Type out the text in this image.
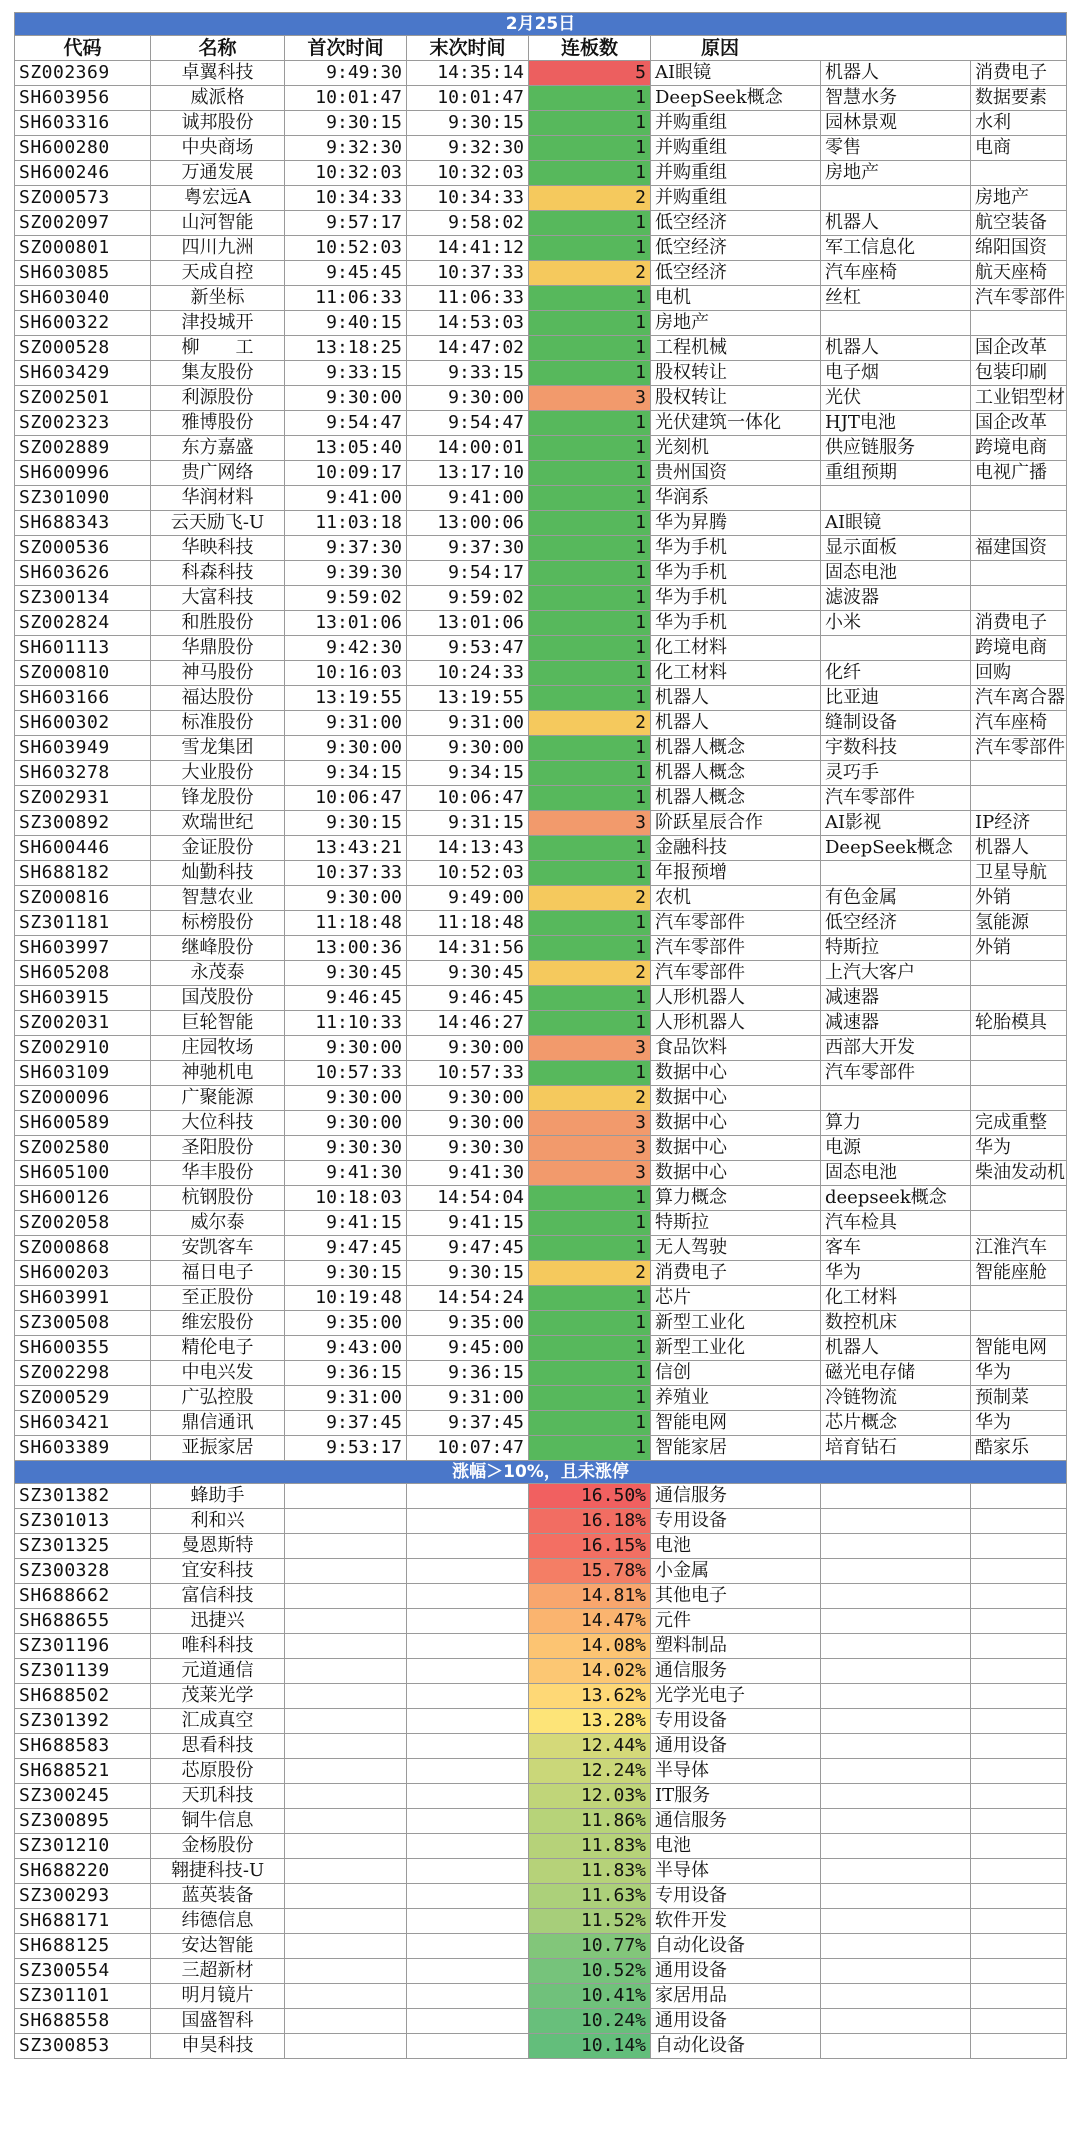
2月25日							
代码	名称	首次时间	末次时间	连板数	原因		
SZ002369	卓翼科技	9:49:30	14:35:14	5	AI眼镜	机器人	消费电子
SH603956	威派格	10:01:47	10:01:47	1	DeepSeek概念	智慧水务	数据要素
SH603316	诚邦股份	9:30:15	9:30:15	1	并购重组	园林景观	水利
SH600280	中央商场	9:32:30	9:32:30	1	并购重组	零售	电商
SH600246	万通发展	10:32:03	10:32:03	1	并购重组	房地产	
SZ000573	粤宏远A	10:34:33	10:34:33	2	并购重组		房地产
SZ002097	山河智能	9:57:17	9:58:02	1	低空经济	机器人	航空装备
SZ000801	四川九洲	10:52:03	14:41:12	1	低空经济	军工信息化	绵阳国资
SH603085	天成自控	9:45:45	10:37:33	2	低空经济	汽车座椅	航天座椅
SH603040	新坐标	11:06:33	11:06:33	1	电机	丝杠	汽车零部件
SH600322	津投城开	9:40:15	14:53:03	1	房地产		
SZ000528	柳　　工	13:18:25	14:47:02	1	工程机械	机器人	国企改革
SH603429	集友股份	9:33:15	9:33:15	1	股权转让	电子烟	包装印刷
SZ002501	利源股份	9:30:00	9:30:00	3	股权转让	光伏	工业铝型材
SZ002323	雅博股份	9:54:47	9:54:47	1	光伏建筑一体化	HJT电池	国企改革
SZ002889	东方嘉盛	13:05:40	14:00:01	1	光刻机	供应链服务	跨境电商
SH600996	贵广网络	10:09:17	13:17:10	1	贵州国资	重组预期	电视广播
SZ301090	华润材料	9:41:00	9:41:00	1	华润系		
SH688343	云天励飞-U	11:03:18	13:00:06	1	华为昇腾	AI眼镜	
SZ000536	华映科技	9:37:30	9:37:30	1	华为手机	显示面板	福建国资
SH603626	科森科技	9:39:30	9:54:17	1	华为手机	固态电池	
SZ300134	大富科技	9:59:02	9:59:02	1	华为手机	滤波器	
SZ002824	和胜股份	13:01:06	13:01:06	1	华为手机	小米	消费电子
SH601113	华鼎股份	9:42:30	9:53:47	1	化工材料		跨境电商
SZ000810	神马股份	10:16:03	10:24:33	1	化工材料	化纤	回购
SH603166	福达股份	13:19:55	13:19:55	1	机器人	比亚迪	汽车离合器
SH600302	标准股份	9:31:00	9:31:00	2	机器人	缝制设备	汽车座椅
SH603949	雪龙集团	9:30:00	9:30:00	1	机器人概念	宇数科技	汽车零部件
SH603278	大业股份	9:34:15	9:34:15	1	机器人概念	灵巧手	
SZ002931	锋龙股份	10:06:47	10:06:47	1	机器人概念	汽车零部件	
SZ300892	欢瑞世纪	9:30:15	9:31:15	3	阶跃星辰合作	AI影视	IP经济
SH600446	金证股份	13:43:21	14:13:43	1	金融科技	DeepSeek概念	机器人
SH688182	灿勤科技	10:37:33	10:52:03	1	年报预增		卫星导航
SZ000816	智慧农业	9:30:00	9:49:00	2	农机	有色金属	外销
SZ301181	标榜股份	11:18:48	11:18:48	1	汽车零部件	低空经济	氢能源
SH603997	继峰股份	13:00:36	14:31:56	1	汽车零部件	特斯拉	外销
SH605208	永茂泰	9:30:45	9:30:45	2	汽车零部件	上汽大客户	
SH603915	国茂股份	9:46:45	9:46:45	1	人形机器人	减速器	
SZ002031	巨轮智能	11:10:33	14:46:27	1	人形机器人	减速器	轮胎模具
SZ002910	庄园牧场	9:30:00	9:30:00	3	食品饮料	西部大开发	
SH603109	神驰机电	10:57:33	10:57:33	1	数据中心	汽车零部件	
SZ000096	广聚能源	9:30:00	9:30:00	2	数据中心		
SH600589	大位科技	9:30:00	9:30:00	3	数据中心	算力	完成重整
SZ002580	圣阳股份	9:30:30	9:30:30	3	数据中心	电源	华为
SH605100	华丰股份	9:41:30	9:41:30	3	数据中心	固态电池	柴油发动机
SH600126	杭钢股份	10:18:03	14:54:04	1	算力概念	deepseek概念	
SZ002058	威尔泰	9:41:15	9:41:15	1	特斯拉	汽车检具	
SZ000868	安凯客车	9:47:45	9:47:45	1	无人驾驶	客车	江淮汽车
SH600203	福日电子	9:30:15	9:30:15	2	消费电子	华为	智能座舱
SH603991	至正股份	10:19:48	14:54:24	1	芯片	化工材料	
SZ300508	维宏股份	9:35:00	9:35:00	1	新型工业化	数控机床	
SH600355	精伦电子	9:43:00	9:45:00	1	新型工业化	机器人	智能电网
SZ002298	中电兴发	9:36:15	9:36:15	1	信创	磁光电存储	华为
SZ000529	广弘控股	9:31:00	9:31:00	1	养殖业	冷链物流	预制菜
SH603421	鼎信通讯	9:37:45	9:37:45	1	智能电网	芯片概念	华为
SH603389	亚振家居	9:53:17	10:07:47	1	智能家居	培育钻石	酷家乐
涨幅＞10%，且未涨停							
SZ301382	蜂助手			16.50%	通信服务		
SZ301013	利和兴			16.18%	专用设备		
SZ301325	曼恩斯特			16.15%	电池		
SZ300328	宜安科技			15.78%	小金属		
SH688662	富信科技			14.81%	其他电子		
SH688655	迅捷兴			14.47%	元件		
SZ301196	唯科科技			14.08%	塑料制品		
SZ301139	元道通信			14.02%	通信服务		
SH688502	茂莱光学			13.62%	光学光电子		
SZ301392	汇成真空			13.28%	专用设备		
SH688583	思看科技			12.44%	通用设备		
SH688521	芯原股份			12.24%	半导体		
SZ300245	天玑科技			12.03%	IT服务		
SZ300895	铜牛信息			11.86%	通信服务		
SZ301210	金杨股份			11.83%	电池		
SH688220	翱捷科技-U			11.83%	半导体		
SZ300293	蓝英装备			11.63%	专用设备		
SH688171	纬德信息			11.52%	软件开发		
SH688125	安达智能			10.77%	自动化设备		
SZ300554	三超新材			10.52%	通用设备		
SZ301101	明月镜片			10.41%	家居用品		
SH688558	国盛智科			10.24%	通用设备		
SZ300853	申昊科技			10.14%	自动化设备		
